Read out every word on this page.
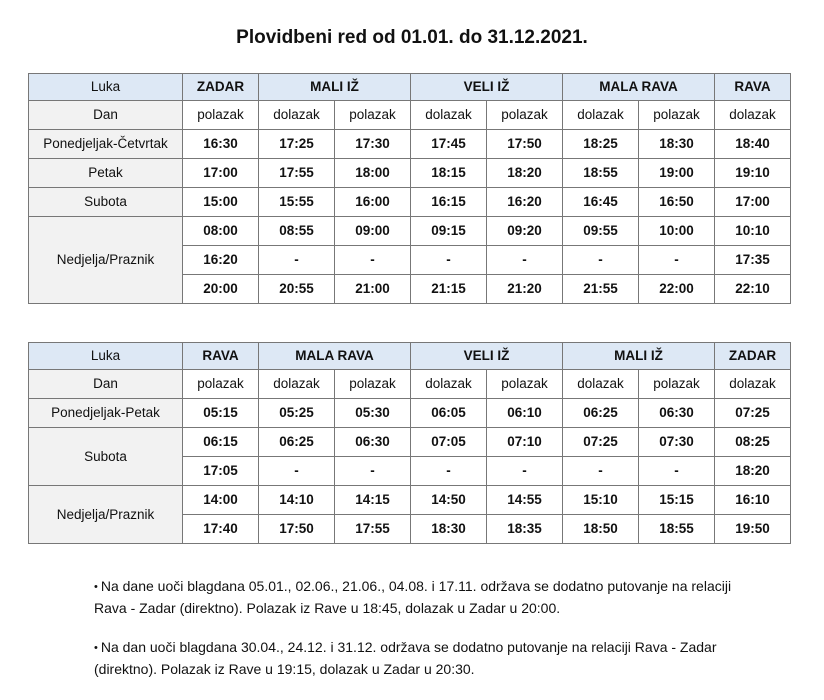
Plovidbeni red od 01.01. do 31.12.2021.
Luka	ZADAR	MALI IŽ		VELI IŽ		MALA RAVA		RAVA
Dan	polazak	dolazak	polazak	dolazak	polazak	dolazak	polazak	dolazak
Ponedjeljak-Četvrtak	16:30	17:25	17:30	17:45	17:50	18:25	18:30	18:40
Petak	17:00	17:55	18:00	18:15	18:20	18:55	19:00	19:10
Subota	15:00	15:55	16:00	16:15	16:20	16:45	16:50	17:00
Nedjelja/Praznik	08:00	08:55	09:00	09:15	09:20	09:55	10:00	10:10
	16:20	-	-	-	-	-	-	17:35
	20:00	20:55	21:00	21:15	21:20	21:55	22:00	22:10
Luka	RAVA	MALA RAVA		VELI IŽ		MALI IŽ		ZADAR
Dan	polazak	dolazak	polazak	dolazak	polazak	dolazak	polazak	dolazak
Ponedjeljak-Petak	05:15	05:25	05:30	06:05	06:10	06:25	06:30	07:25
Subota	06:15	06:25	06:30	07:05	07:10	07:25	07:30	08:25
	17:05	-	-	-	-	-	-	18:20
Nedjelja/Praznik	14:00	14:10	14:15	14:50	14:55	15:10	15:15	16:10
	17:40	17:50	17:55	18:30	18:35	18:50	18:55	19:50

• Na dane uoči blagdana 05.01., 02.06., 21.06., 04.08. i 17.11. održava se dodatno putovanje na relaciji Rava - Zadar (direktno). Polazak iz Rave u 18:45, dolazak u Zadar u 20:00.

• Na dan uoči blagdana 30.04., 24.12. i 31.12. održava se dodatno putovanje na relaciji Rava - Zadar (direktno). Polazak iz Rave u 19:15, dolazak u Zadar u 20:30.
